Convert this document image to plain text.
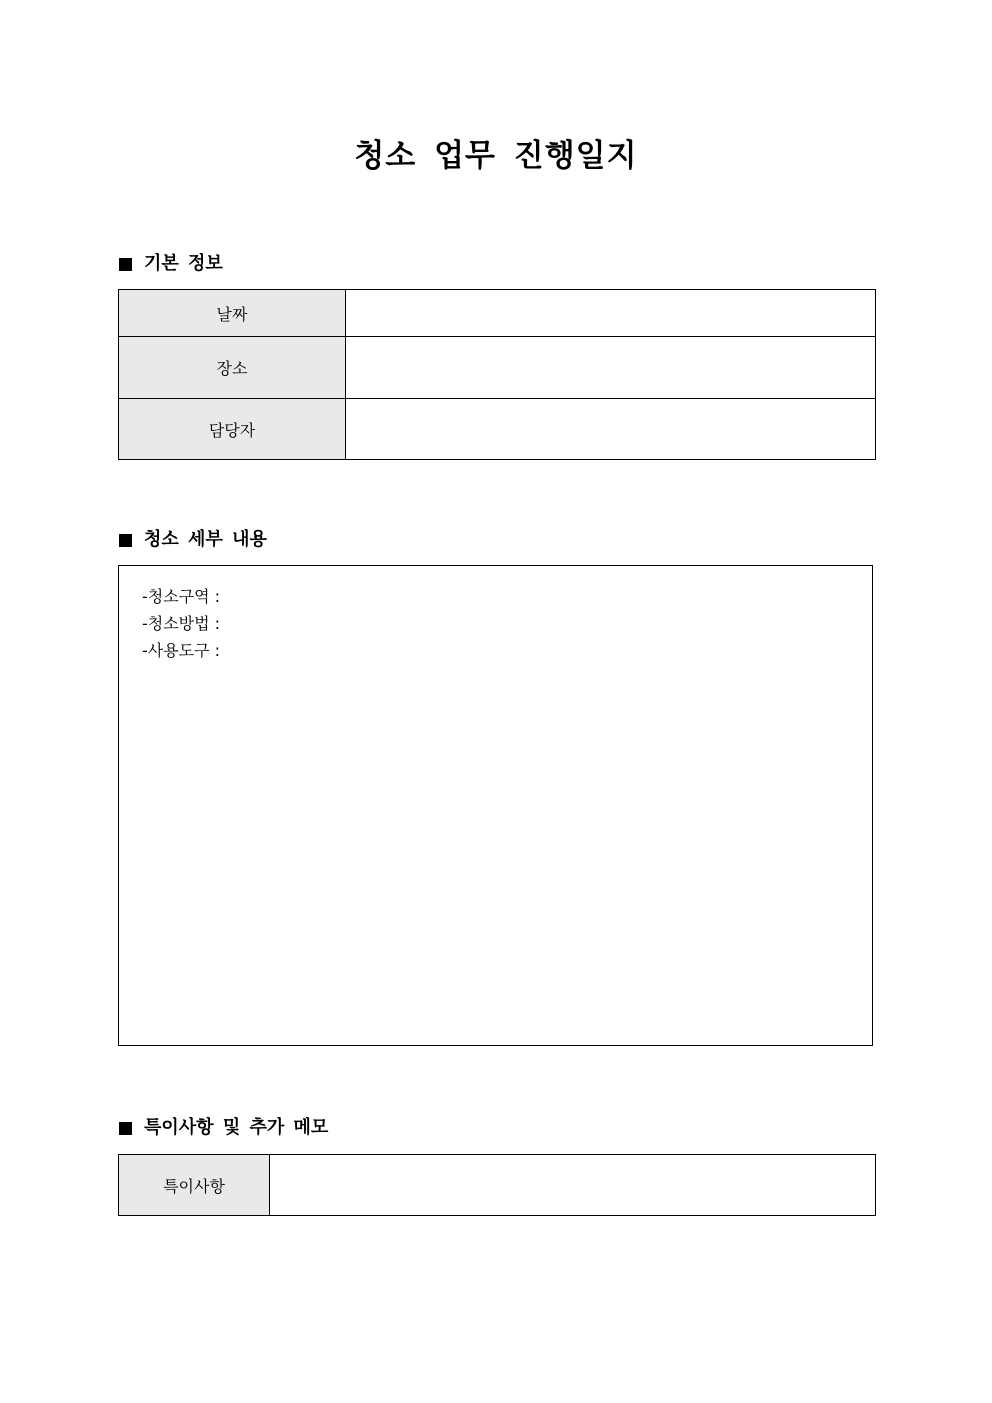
청소 업무 진행일지
기본 정보
날짜	
장소	
담당자	
청소 세부 내용
-청소구역 :
-청소방법 :
-사용도구 :
특이사항 및 추가 메모
특이사항	
